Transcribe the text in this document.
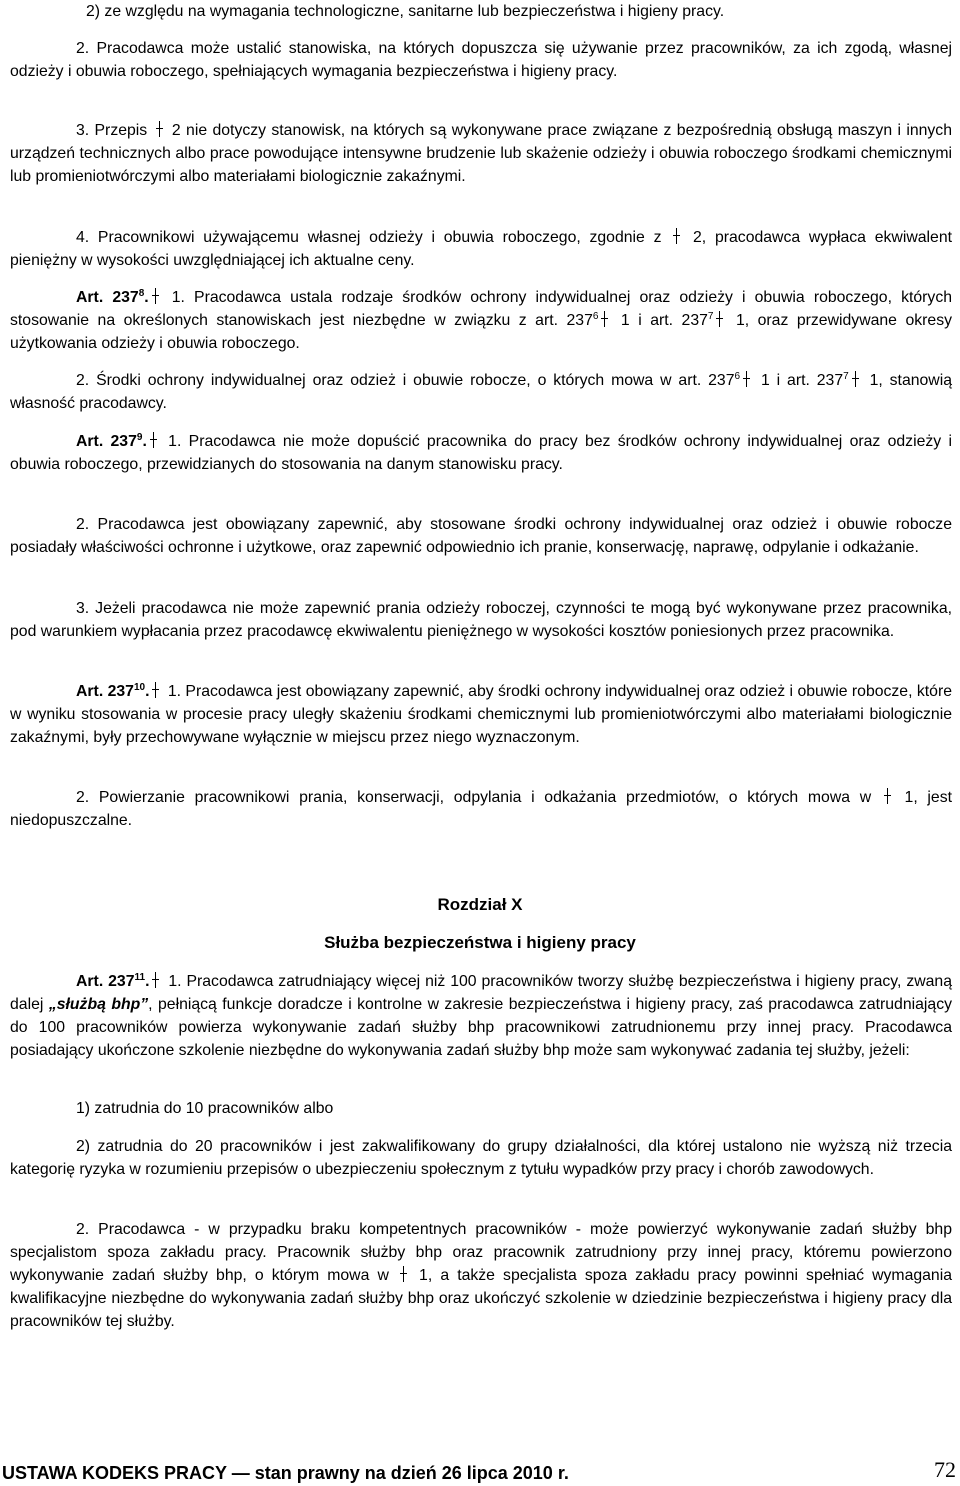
2) ze względu na wymagania technologiczne, sanitarne lub bezpieczeństwa i higieny pracy.

2. Pracodawca może ustalić stanowiska, na których dopuszcza się używanie przez pracowników, za ich zgodą, własnej odzieży i obuwia roboczego, spełniających wymagania bezpieczeństwa i higieny pracy.

3. Przepis  2 nie dotyczy stanowisk, na których są wykonywane prace związane z bezpośrednią obsługą maszyn i innych urządzeń technicznych albo prace powodujące intensywne brudzenie lub skażenie odzieży i obuwia roboczego środkami chemicznymi lub promieniotwórczymi albo materiałami biologicznie zakaźnymi.

4. Pracownikowi używającemu własnej odzieży i obuwia roboczego, zgodnie z  2, pracodawca wypłaca ekwiwalent pieniężny w wysokości uwzględniającej ich aktualne ceny.

Art. $237^8$. 1. Pracodawca ustala rodzaje środków ochrony indywidualnej oraz odzieży i obuwia roboczego, których stosowanie na określonych stanowiskach jest niezbędne w związku z art. $237^6$ 1 i art. $237^7$ 1, oraz przewidywane okresy użytkowania odzieży i obuwia roboczego.

2. Środki ochrony indywidualnej oraz odzież i obuwie robocze, o których mowa w art. $237^6$ 1 i art. $237^7$ 1, stanowią własność pracodawcy.

Art. $237^9$. 1. Pracodawca nie może dopuścić pracownika do pracy bez środków ochrony indywidualnej oraz odzieży i obuwia roboczego, przewidzianych do stosowania na danym stanowisku pracy.

2. Pracodawca jest obowiązany zapewnić, aby stosowane środki ochrony indywidualnej oraz odzież i obuwie robocze posiadały właściwości ochronne i użytkowe, oraz zapewnić odpowiednio ich pranie, konserwację, naprawę, odpylanie i odkażanie.

3. Jeżeli pracodawca nie może zapewnić prania odzieży roboczej, czynności te mogą być wykonywane przez pracownika, pod warunkiem wypłacania przez pracodawcę ekwiwalentu pieniężnego w wysokości kosztów poniesionych przez pracownika.

Art. $237^{10}$. 1. Pracodawca jest obowiązany zapewnić, aby środki ochrony indywidualnej oraz odzież i obuwie robocze, które w wyniku stosowania w procesie pracy uległy skażeniu środkami chemicznymi lub promieniotwórczymi albo materiałami biologicznie zakaźnymi, były przechowywane wyłącznie w miejscu przez niego wyznaczonym.

2. Powierzanie pracownikowi prania, konserwacji, odpylania i odkażania przedmiotów, o których mowa w  1, jest niedopuszczalne.

Rozdział X
Służba bezpieczeństwa i higieny pracy

Art. $237^{11}$. 1. Pracodawca zatrudniający więcej niż 100 pracowników tworzy służbę bezpieczeństwa i higieny pracy, zwaną dalej „służbą bhp”, pełniącą funkcje doradcze i kontrolne w zakresie bezpieczeństwa i higieny pracy, zaś pracodawca zatrudniający do 100 pracowników powierza wykonywanie zadań służby bhp pracownikowi zatrudnionemu przy innej pracy. Pracodawca posiadający ukończone szkolenie niezbędne do wykonywania zadań służby bhp może sam wykonywać zadania tej służby, jeżeli:

1) zatrudnia do 10 pracowników albo

2) zatrudnia do 20 pracowników i jest zakwalifikowany do grupy działalności, dla której ustalono nie wyższą niż trzecia kategorię ryzyka w rozumieniu przepisów o ubezpieczeniu społecznym z tytułu wypadków przy pracy i chorób zawodowych.

2. Pracodawca - w przypadku braku kompetentnych pracowników - może powierzyć wykonywanie zadań służby bhp specjalistom spoza zakładu pracy. Pracownik służby bhp oraz pracownik zatrudniony przy innej pracy, któremu powierzono wykonywanie zadań służby bhp, o którym mowa w  1, a także specjalista spoza zakładu pracy powinni spełniać wymagania kwalifikacyjne niezbędne do wykonywania zadań służby bhp oraz ukończyć szkolenie w dziedzinie bezpieczeństwa i higieny pracy dla pracowników tej służby.

USTAWA KODEKS PRACY — stan prawny na dzień 26 lipca 2010 r.	72
